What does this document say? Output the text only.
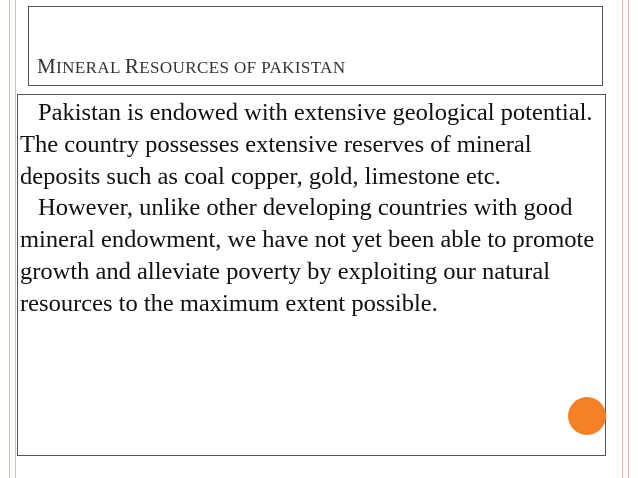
MINERAL RESOURCES OF PAKISTAN

Pakistan is endowed with extensive geological potential. The country possesses extensive reserves of mineral deposits such as coal copper, gold, limestone etc.

However, unlike other developing countries with good mineral endowment, we have not yet been able to promote growth and alleviate poverty by exploiting our natural resources to the maximum extent possible.
